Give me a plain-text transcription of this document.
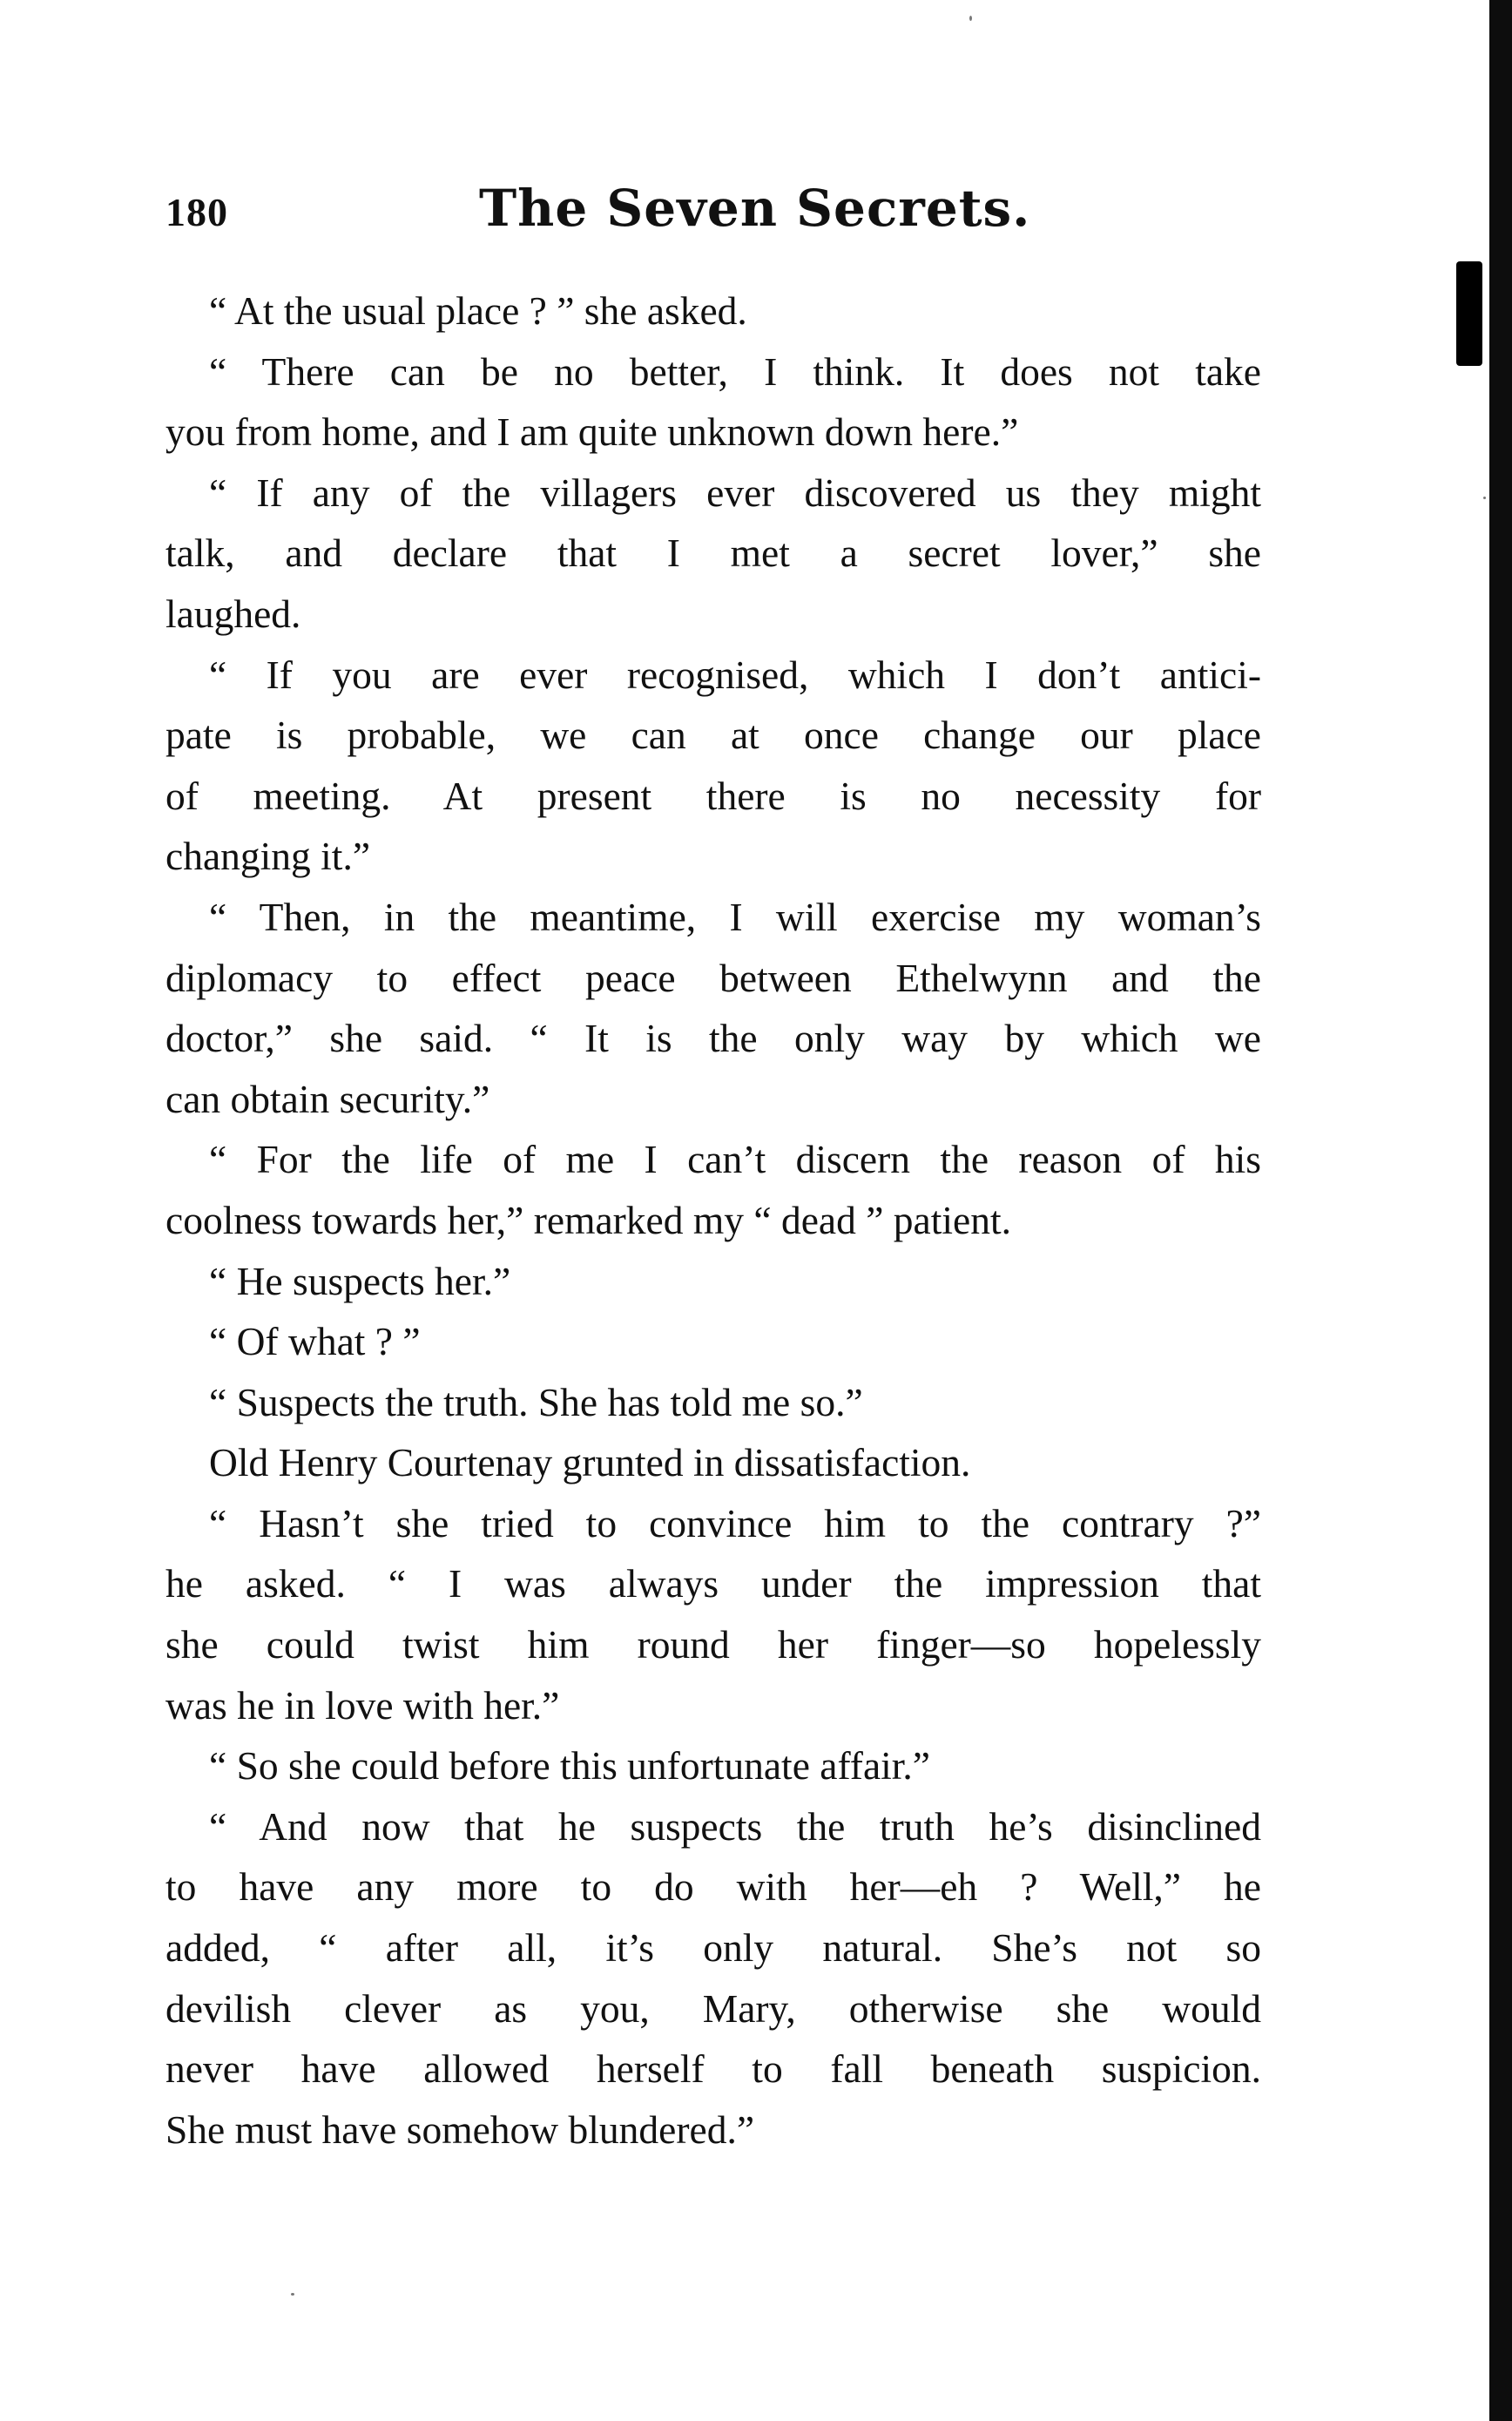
180	The Seven Secrets.
“ At the usual place ? ” she asked.
“ There can be no better, I think. It does not take
you from home, and I am quite unknown down here.”
“ If any of the villagers ever discovered us they might
talk, and declare that I met a secret lover,” she
laughed.
“ If you are ever recognised, which I don’t antici-
pate is probable, we can at once change our place
of meeting. At present there is no necessity for
changing it.”
“ Then, in the meantime, I will exercise my woman’s
diplomacy to effect peace between Ethelwynn and the
doctor,” she said. “ It is the only way by which we
can obtain security.”
“ For the life of me I can’t discern the reason of his
coolness towards her,” remarked my “ dead ” patient.
“ He suspects her.”
“ Of what ? ”
“ Suspects the truth. She has told me so.”
Old Henry Courtenay grunted in dissatisfaction.
“ Hasn’t she tried to convince him to the contrary ?”
he asked. “ I was always under the impression that
she could twist him round her finger—so hopelessly
was he in love with her.”
“ So she could before this unfortunate affair.”
“ And now that he suspects the truth he’s disinclined
to have any more to do with her—eh ? Well,” he
added, “ after all, it’s only natural. She’s not so
devilish clever as you, Mary, otherwise she would
never have allowed herself to fall beneath suspicion.
She must have somehow blundered.”
